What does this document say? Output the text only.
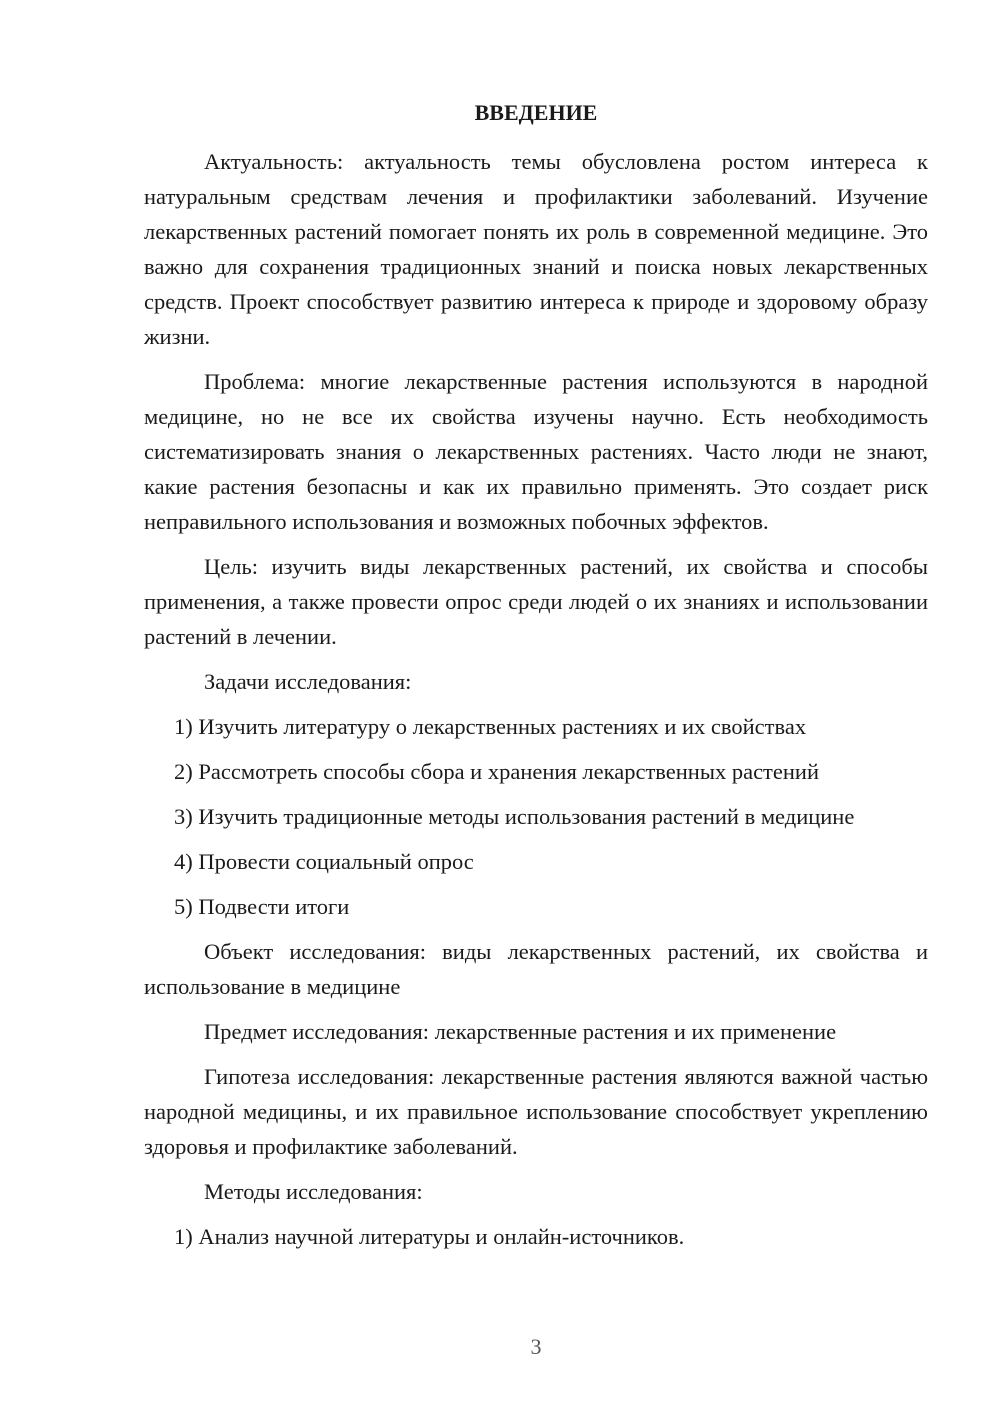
ВВЕДЕНИЕ

Актуальность: актуальность темы обусловлена ростом интереса к натуральным средствам лечения и профилактики заболеваний. Изучение лекарственных растений помогает понять их роль в современной медицине. Это важно для сохранения традиционных знаний и поиска новых лекарственных средств. Проект способствует развитию интереса к природе и здоровому образу жизни.

Проблема: многие лекарственные растения используются в народной медицине, но не все их свойства изучены научно. Есть необходимость систематизировать знания о лекарственных растениях. Часто люди не знают, какие растения безопасны и как их правильно применять. Это создает риск неправильного использования и возможных побочных эффектов.

Цель: изучить виды лекарственных растений, их свойства и способы применения, а также провести опрос среди людей о их знаниях и использовании растений в лечении.

Задачи исследования:

1) Изучить литературу о лекарственных растениях и их свойствах

2) Рассмотреть способы сбора и хранения лекарственных растений

3) Изучить традиционные методы использования растений в медицине

4) Провести социальный опрос

5) Подвести итоги

Объект исследования: виды лекарственных растений, их свойства и использование в медицине

Предмет исследования: лекарственные растения и их применение

Гипотеза исследования: лекарственные растения являются важной частью народной медицины, и их правильное использование способствует укреплению здоровья и профилактике заболеваний.

Методы исследования:

1) Анализ научной литературы и онлайн-источников.

3
